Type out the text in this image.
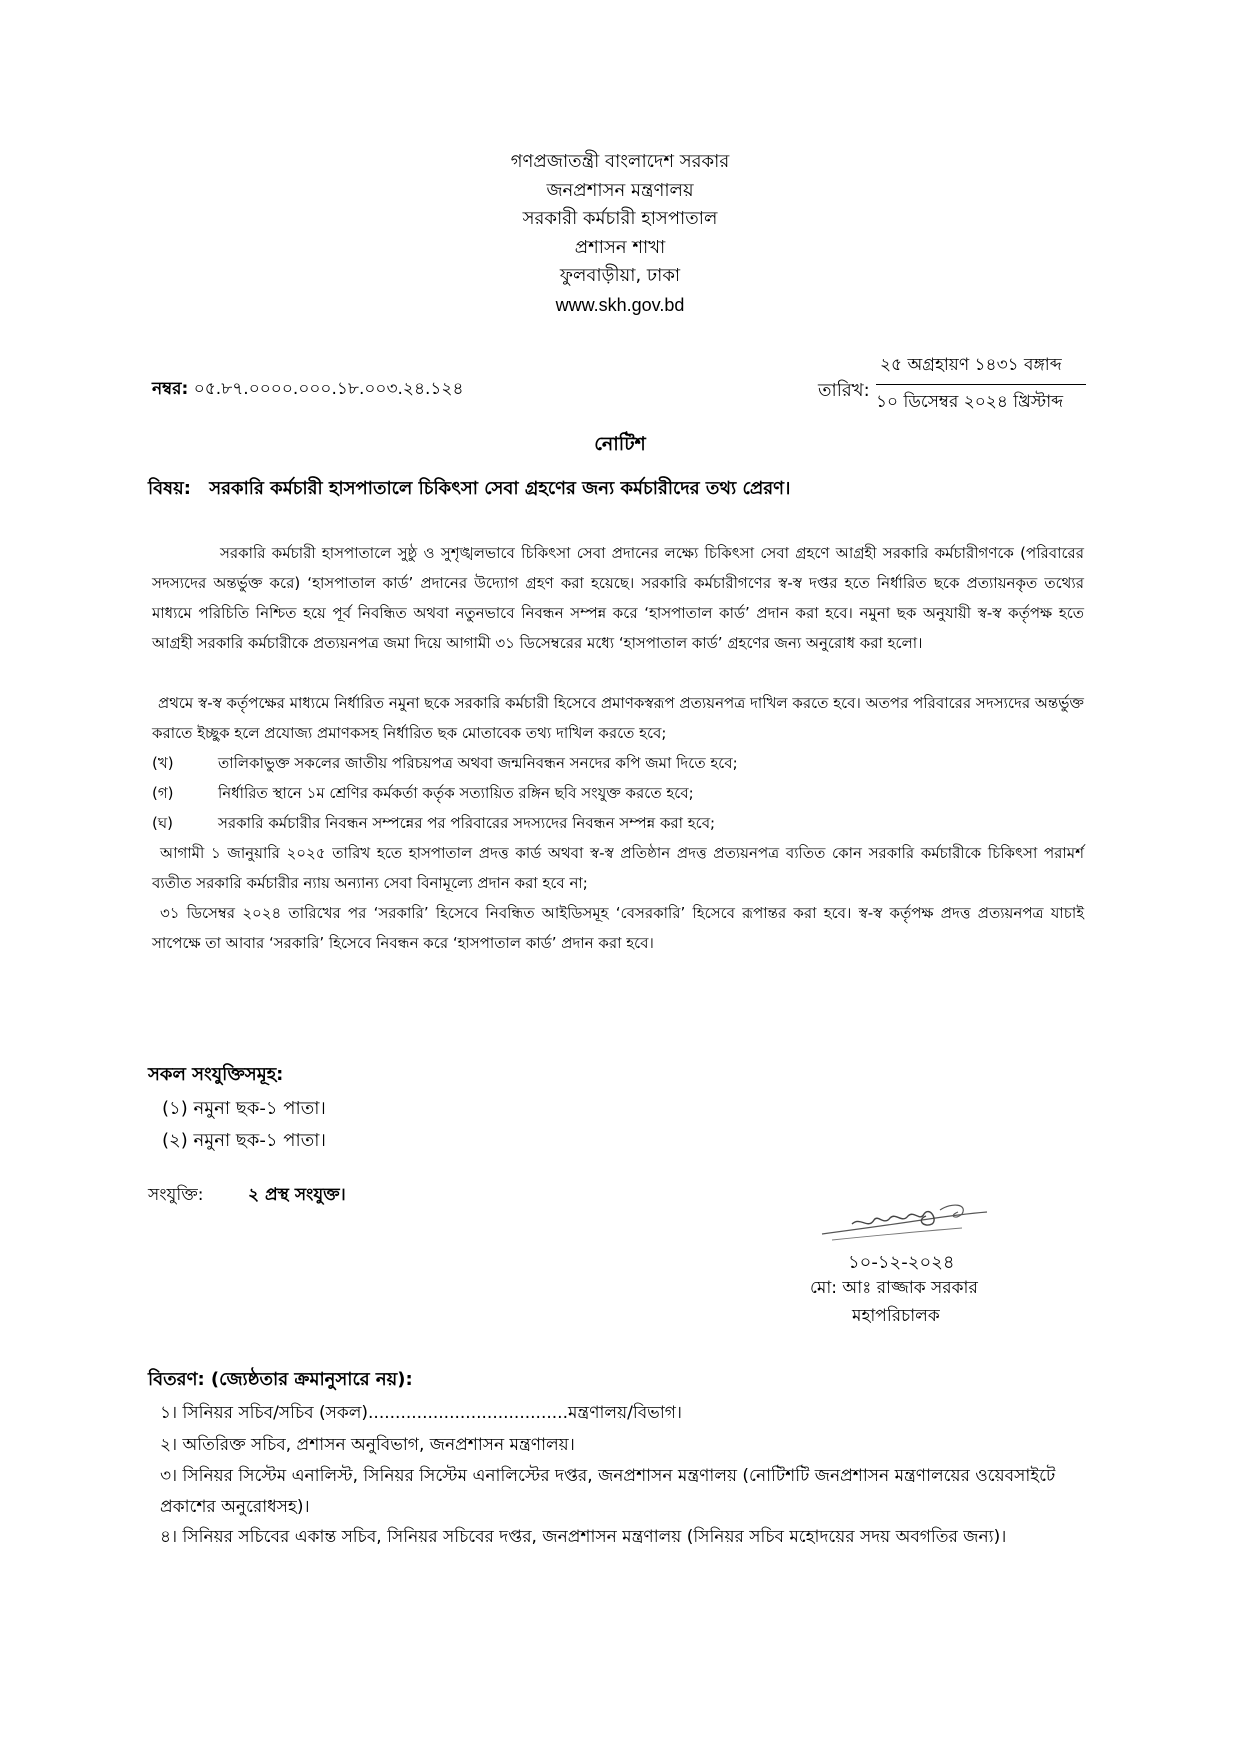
গণপ্রজাতন্ত্রী বাংলাদেশ সরকার
জনপ্রশাসন মন্ত্রণালয়
সরকারী কর্মচারী হাসপাতাল
প্রশাসন শাখা
ফুলবাড়ীয়া, ঢাকা
www.skh.gov.bd
নম্বর: ০৫.৮৭.০০০০.০০০.১৮.০০৩.২৪.১২৪	তারিখ:
২৫ অগ্রহায়ণ ১৪৩১ বঙ্গাব্দ
১০ ডিসেম্বর ২০২৪ খ্রিস্টাব্দ
নোটিশ
বিষয়: সরকারি কর্মচারী হাসপাতালে চিকিৎসা সেবা গ্রহণের জন্য কর্মচারীদের তথ্য প্রেরণ।
সরকারি কর্মচারী হাসপাতালে সুষ্ঠু ও সুশৃঙ্খলভাবে চিকিৎসা সেবা প্রদানের লক্ষ্যে চিকিৎসা সেবা গ্রহণে আগ্রহী সরকারি কর্মচারীগণকে (পরিবারের সদস্যদের অন্তর্ভুক্ত করে) ‘হাসপাতাল কার্ড’ প্রদানের উদ্যোগ গ্রহণ করা হয়েছে। সরকারি কর্মচারীগণের স্ব-স্ব দপ্তর হতে নির্ধারিত ছকে প্রত্যায়নকৃত তথ্যের মাধ্যমে পরিচিতি নিশ্চিত হয়ে পূর্ব নিবন্ধিত অথবা নতুনভাবে নিবন্ধন সম্পন্ন করে ‘হাসপাতাল কার্ড’ প্রদান করা হবে। নমুনা ছক অনুযায়ী স্ব-স্ব কর্তৃপক্ষ হতে আগ্রহী সরকারি কর্মচারীকে প্রত্যয়নপত্র জমা দিয়ে আগামী ৩১ ডিসেম্বরের মধ্যে ‘হাসপাতাল কার্ড’ গ্রহণের জন্য অনুরোধ করা হলো।
প্রথমে স্ব-স্ব কর্তৃপক্ষের মাধ্যমে নির্ধারিত নমুনা ছকে সরকারি কর্মচারী হিসেবে প্রমাণকস্বরূপ প্রত্যয়নপত্র দাখিল করতে হবে। অতপর পরিবারের সদস্যদের অন্তর্ভুক্ত করাতে ইচ্ছুক হলে প্রযোজ্য প্রমাণকসহ নির্ধারিত ছক মোতাবেক তথ্য দাখিল করতে হবে;
(খ)	তালিকাভুক্ত সকলের জাতীয় পরিচয়পত্র অথবা জন্মনিবন্ধন সনদের কপি জমা দিতে হবে;
(গ)	নির্ধারিত স্থানে ১ম শ্রেণির কর্মকর্তা কর্তৃক সত্যায়িত রঙ্গিন ছবি সংযুক্ত করতে হবে;
(ঘ)	সরকারি কর্মচারীর নিবন্ধন সম্পন্নের পর পরিবারের সদস্যদের নিবন্ধন সম্পন্ন করা হবে;
আগামী ১ জানুয়ারি ২০২৫ তারিখ হতে হাসপাতাল প্রদত্ত কার্ড অথবা স্ব-স্ব প্রতিষ্ঠান প্রদত্ত প্রত্যয়নপত্র ব্যতিত কোন সরকারি কর্মচারীকে চিকিৎসা পরামর্শ ব্যতীত সরকারি কর্মচারীর ন্যায় অন্যান্য সেবা বিনামূল্যে প্রদান করা হবে না;
৩১ ডিসেম্বর ২০২৪ তারিখের পর ‘সরকারি’ হিসেবে নিবন্ধিত আইডিসমূহ ‘বেসরকারি’ হিসেবে রূপান্তর করা হবে। স্ব-স্ব কর্তৃপক্ষ প্রদত্ত প্রত্যয়নপত্র যাচাই সাপেক্ষে তা আবার ‘সরকারি’ হিসেবে নিবন্ধন করে ‘হাসপাতাল কার্ড’ প্রদান করা হবে।
সকল সংযুক্তিসমূহ:
(১) নমুনা ছক-১ পাতা।
(২) নমুনা ছক-১ পাতা।
সংযুক্তি:	২ প্রস্থ সংযুক্ত।
১০-১২-২০২৪
মো: আঃ রাজ্জাক সরকার
মহাপরিচালক
বিতরণ: (জ্যেষ্ঠতার ক্রমানুসারে নয়):
১। সিনিয়র সচিব/সচিব (সকল).....................................মন্ত্রণালয়/বিভাগ।
২। অতিরিক্ত সচিব, প্রশাসন অনুবিভাগ, জনপ্রশাসন মন্ত্রণালয়।
৩। সিনিয়র সিস্টেম এনালিস্ট, সিনিয়র সিস্টেম এনালিস্টের দপ্তর, জনপ্রশাসন মন্ত্রণালয় (নোটিশটি জনপ্রশাসন মন্ত্রণালয়ের ওয়েবসাইটে প্রকাশের অনুরোধসহ)।
৪। সিনিয়র সচিবের একান্ত সচিব, সিনিয়র সচিবের দপ্তর, জনপ্রশাসন মন্ত্রণালয় (সিনিয়র সচিব মহোদয়ের সদয় অবগতির জন্য)।
